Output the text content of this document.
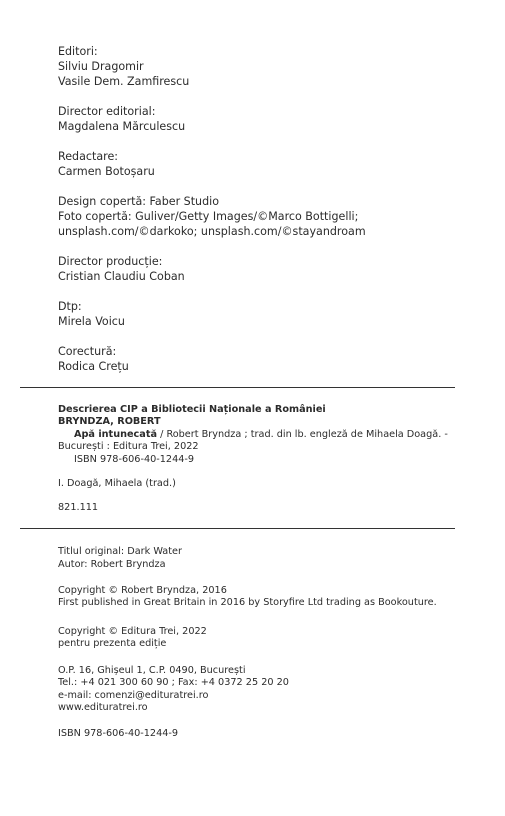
Editori:
Silviu Dragomir
Vasile Dem. Zamfirescu
Director editorial:
Magdalena Mărculescu
Redactare:
Carmen Botoșaru
Design copertă: Faber Studio
Foto copertă: Guliver/Getty Images/©Marco Bottigelli;
unsplash.com/©darkoko; unsplash.com/©stayandroam
Director producție:
Cristian Claudiu Coban
Dtp:
Mirela Voicu
Corectură:
Rodica Crețu
Descrierea CIP a Bibliotecii Naționale a României
BRYNDZA, ROBERT
Apă intunecată / Robert Bryndza ; trad. din lb. engleză de Mihaela Doagă. -
București : Editura Trei, 2022
ISBN 978-606-40-1244-9
I. Doagă, Mihaela (trad.)
821.111
Titlul original: Dark Water
Autor: Robert Bryndza
Copyright © Robert Bryndza, 2016
First published in Great Britain in 2016 by Storyfire Ltd trading as Bookouture.
Copyright © Editura Trei, 2022
pentru prezenta ediție
O.P. 16, Ghișeul 1, C.P. 0490, București
Tel.: +4 021 300 60 90 ; Fax: +4 0372 25 20 20
e-mail: comenzi@edituratrei.ro
www.edituratrei.ro
ISBN 978-606-40-1244-9
